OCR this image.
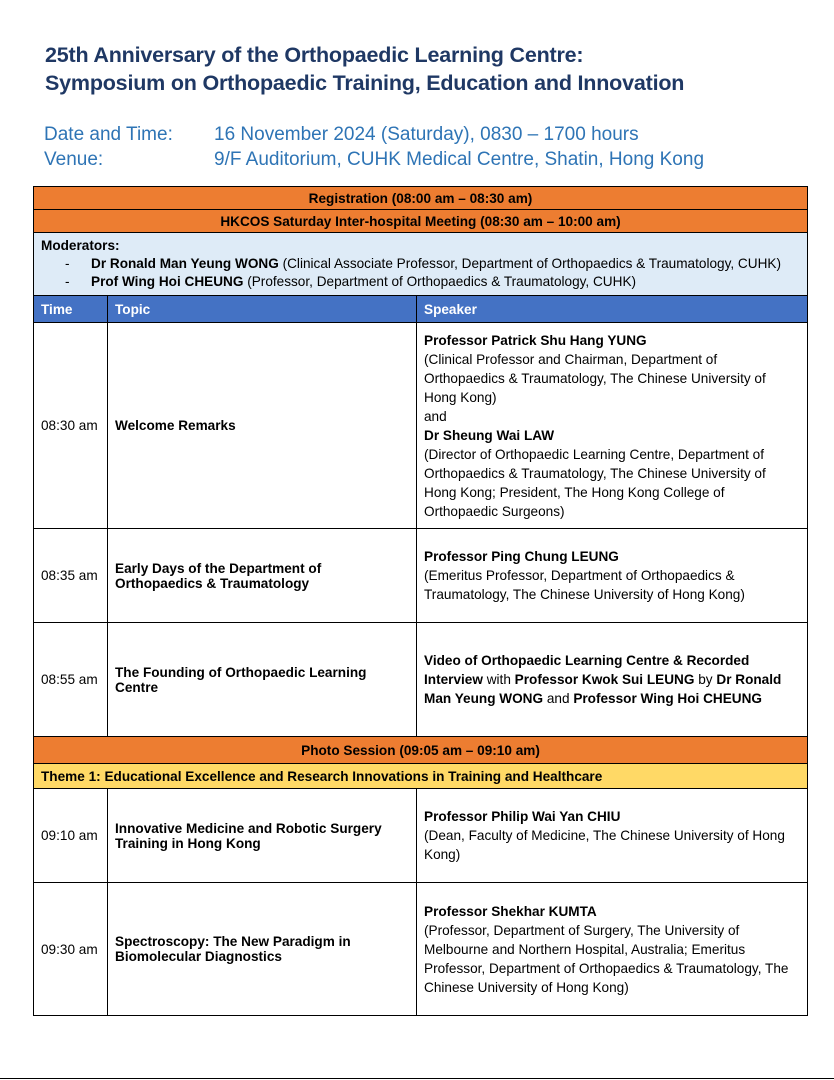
25th Anniversary of the Orthopaedic Learning Centre:
Symposium on Orthopaedic Training, Education and Innovation
Date and Time:	16 November 2024 (Saturday), 0830 – 1700 hours
Venue:	9/F Auditorium, CUHK Medical Centre, Shatin, Hong Kong
Registration (08:00 am – 08:30 am)		
HKCOS Saturday Inter-hospital Meeting (08:30 am – 10:00 am)		

Moderators:
- Dr Ronald Man Yeung WONG (Clinical Associate Professor, Department of Orthopaedics & Traumatology, CUHK)
- Prof Wing Hoi CHEUNG (Professor, Department of Orthopaedics & Traumatology, CUHK)		

Time	Topic	Speaker
08:30 am	Welcome Remarks	Professor Patrick Shu Hang YUNG
(Clinical Professor and Chairman, Department of Orthopaedics & Traumatology, The Chinese University of Hong Kong)
and
Dr Sheung Wai LAW
(Director of Orthopaedic Learning Centre, Department of Orthopaedics & Traumatology, The Chinese University of Hong Kong; President, The Hong Kong College of Orthopaedic Surgeons)

08:35 am	Early Days of the Department of Orthopaedics & Traumatology	Professor Ping Chung LEUNG
(Emeritus Professor, Department of Orthopaedics & Traumatology, The Chinese University of Hong Kong)

08:55 am	The Founding of Orthopaedic Learning Centre	Video of Orthopaedic Learning Centre & Recorded Interview with Professor Kwok Sui LEUNG by Dr Ronald Man Yeung WONG and Professor Wing Hoi CHEUNG
Photo Session (09:05 am – 09:10 am)		
Theme 1: Educational Excellence and Research Innovations in Training and Healthcare		
09:10 am	Innovative Medicine and Robotic Surgery Training in Hong Kong	Professor Philip Wai Yan CHIU
(Dean, Faculty of Medicine, The Chinese University of Hong Kong)

09:30 am	Spectroscopy: The New Paradigm in Biomolecular Diagnostics	Professor Shekhar KUMTA
(Professor, Department of Surgery, The University of Melbourne and Northern Hospital, Australia; Emeritus Professor, Department of Orthopaedics & Traumatology, The Chinese University of Hong Kong)
